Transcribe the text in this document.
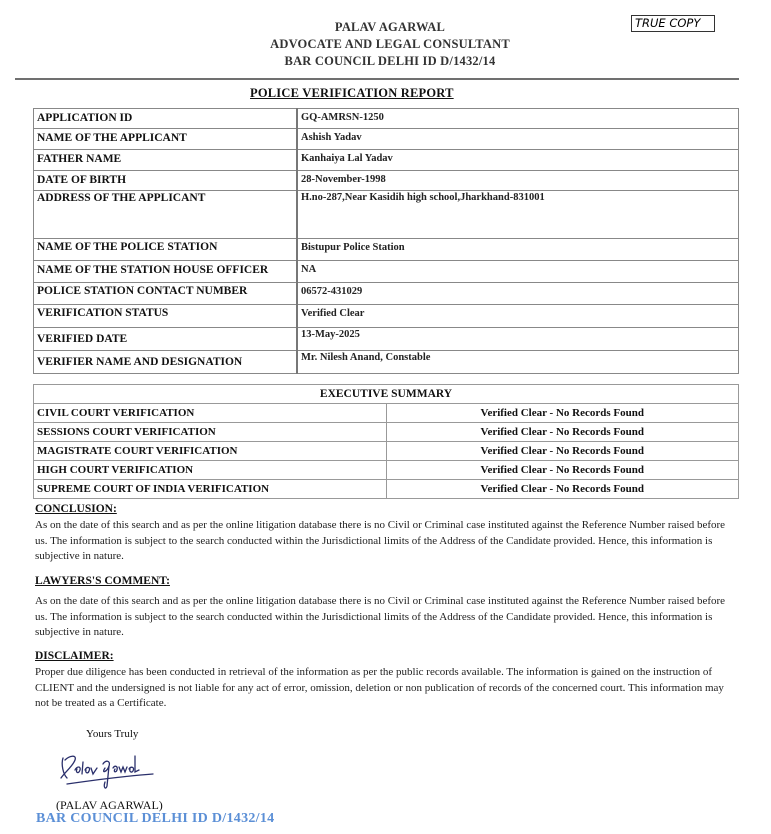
PALAV AGARWAL
ADVOCATE AND LEGAL CONSULTANT
BAR COUNCIL DELHI ID D/1432/14
TRUE COPY
POLICE VERIFICATION REPORT
APPLICATION ID	GQ-AMRSN-1250
NAME OF THE APPLICANT	Ashish Yadav
FATHER NAME	Kanhaiya Lal Yadav
DATE OF BIRTH	28-November-1998
ADDRESS OF THE APPLICANT	H.no-287,Near Kasidih high school,Jharkhand-831001
NAME OF THE POLICE STATION	Bistupur Police Station
NAME OF THE STATION HOUSE OFFICER	NA
POLICE STATION CONTACT NUMBER	06572-431029
VERIFICATION STATUS	Verified Clear
VERIFIED DATE	13-May-2025
VERIFIER NAME AND DESIGNATION	Mr. Nilesh Anand, Constable
EXECUTIVE SUMMARY	
CIVIL COURT VERIFICATION	Verified Clear - No Records Found
SESSIONS COURT VERIFICATION	Verified Clear - No Records Found
MAGISTRATE COURT VERIFICATION	Verified Clear - No Records Found
HIGH COURT VERIFICATION	Verified Clear - No Records Found
SUPREME COURT OF INDIA VERIFICATION	Verified Clear - No Records Found
CONCLUSION:
As on the date of this search and as per the online litigation database there is no Civil or Criminal case instituted against the Reference Number raised before us. The information is subject to the search conducted within the Jurisdictional limits of the Address of the Candidate provided. Hence, this information is subjective in nature.
LAWYERS'S COMMENT:
As on the date of this search and as per the online litigation database there is no Civil or Criminal case instituted against the Reference Number raised before us. The information is subject to the search conducted within the Jurisdictional limits of the Address of the Candidate provided. Hence, this information is subjective in nature.
DISCLAIMER:
Proper due diligence has been conducted in retrieval of the information as per the public records available. The information is gained on the instruction of CLIENT and the undersigned is not liable for any act of error, omission, deletion or non publication of records of the concerned court. This information may not be treated as a Certificate.
Yours Truly
(PALAV AGARWAL)
BAR COUNCIL DELHI ID D/1432/14
